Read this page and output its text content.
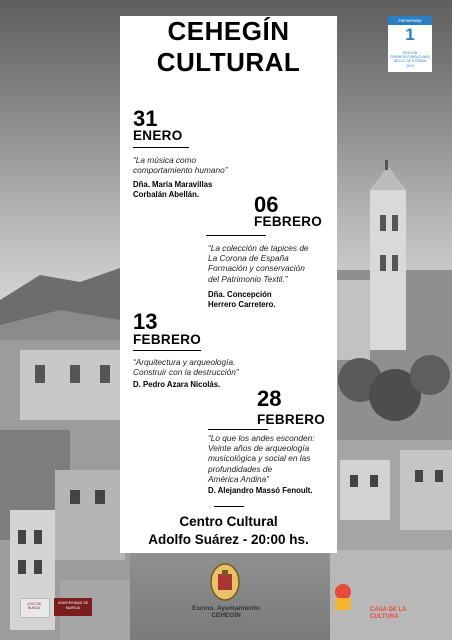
CEHEGÍN
CULTURAL
31
ENERO
“La música como
comportamiento humano”
Dña. María Maravillas
Corbalán Abellán.	06
FEBRERO
“La colección de tapices de
La Corona de España
Formación y conservación
del Patrimonio Textil.”
Dña. Concepción
Herrero Carretero.
13
FEBRERO
“Arquitectura y arqueología.
Construir con la destrucción”
D. Pedro Azara Nicolás.
28
FEBRERO
“Lo que los andes esconden:
Veinte años de arqueología
musicológica y social en las
profundidades de
América Andina”
D. Alejandro Massó Fenoult.
Centro Cultural
Adolfo Suárez - 20:00 hs.
HomeAway
1
EDICIÓN
PREMIOS PUEBLO MÁS
BELLO DE ESPAÑA
2019
Excmo. Ayuntamiento
CEHEGÍN
LOGO DE
MURCIA
UNIVERSIDAD DE
MURCIA	CASA DE LA CULTURA
